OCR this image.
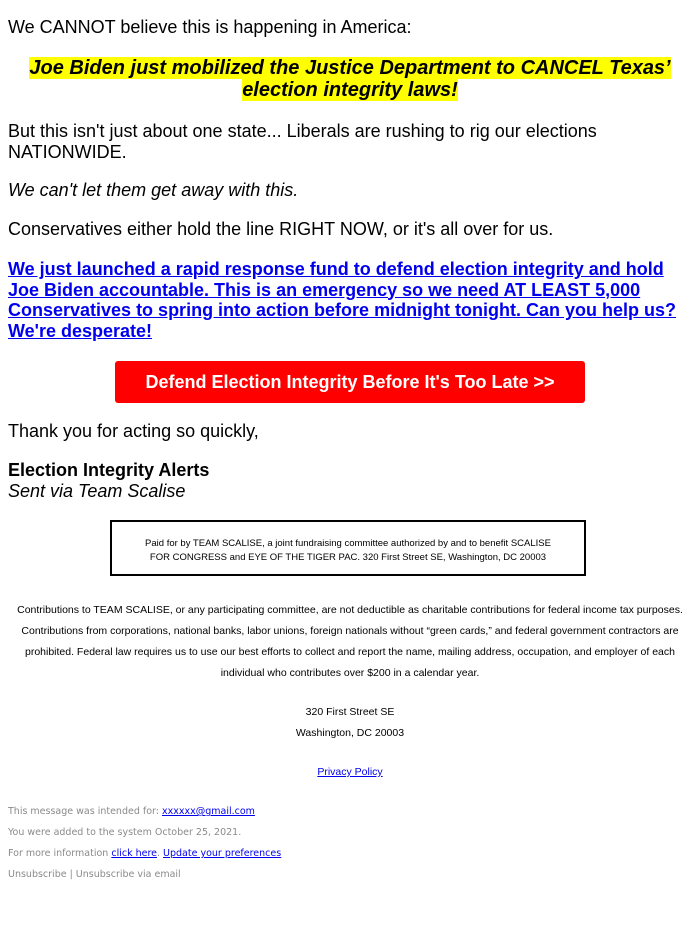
We CANNOT believe this is happening in America:

Joe Biden just mobilized the Justice Department to CANCEL Texas’ election integrity laws!

But this isn't just about one state... Liberals are rushing to rig our elections NATIONWIDE.

We can't let them get away with this.

Conservatives either hold the line RIGHT NOW, or it's all over for us.

We just launched a rapid response fund to defend election integrity and hold Joe Biden accountable. This is an emergency so we need AT LEAST 5,000 Conservatives to spring into action before midnight tonight. Can you help us? We're desperate!
Defend Election Integrity Before It's Too Late >>

Thank you for acting so quickly,

Election Integrity Alerts

Sent via Team Scalise

Paid for by TEAM SCALISE, a joint fundraising committee authorized by and to benefit SCALISE FOR CONGRESS and EYE OF THE TIGER PAC. 320 First Street SE, Washington, DC 20003
Contributions to TEAM SCALISE, or any participating committee, are not deductible as charitable contributions for federal income tax purposes. Contributions from corporations, national banks, labor unions, foreign nationals without “green cards,” and federal government contractors are prohibited. Federal law requires us to use our best efforts to collect and report the name, mailing address, occupation, and employer of each individual who contributes over $200 in a calendar year.
320 First Street SE
Washington, DC 20003
Privacy Policy
This message was intended for: xxxxxx@gmail.com
You were added to the system October 25, 2021.
For more information click here. Update your preferences
Unsubscribe | Unsubscribe via email
